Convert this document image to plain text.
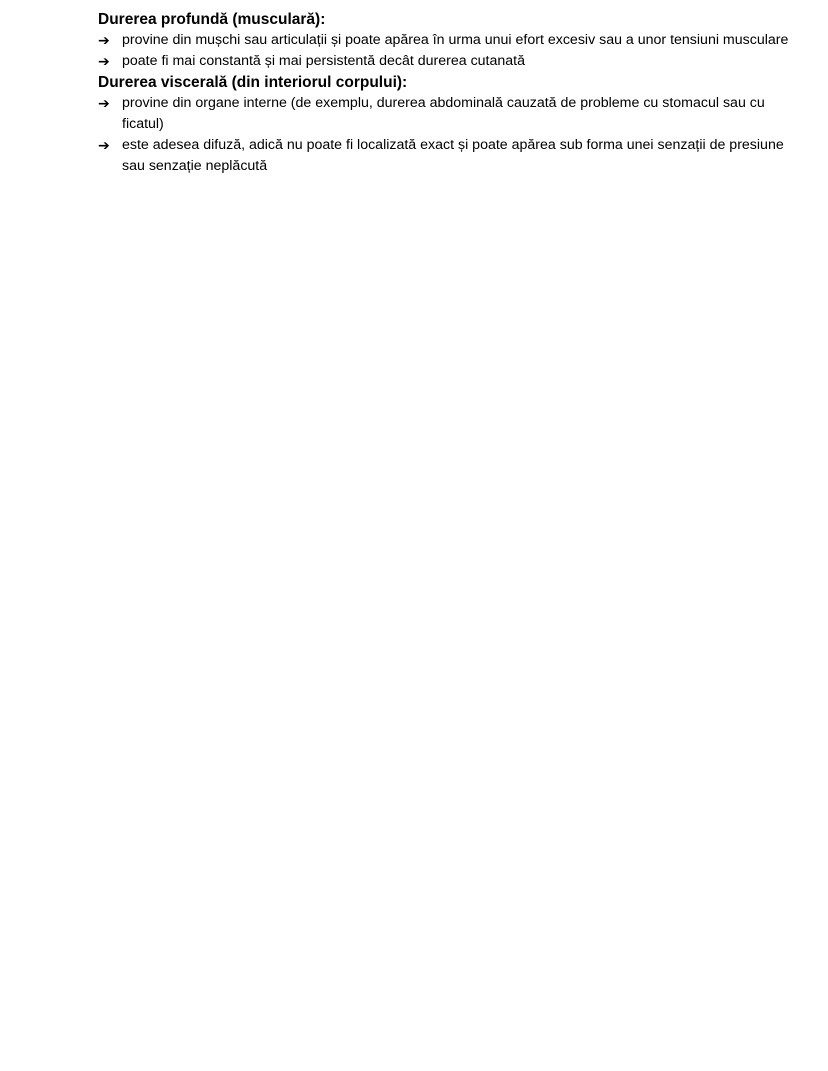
Durerea profundă (musculară):

➔ provine din mușchi sau articulații și poate apărea în urma unui efort excesiv sau a unor tensiuni musculare
➔ poate fi mai constantă și mai persistentă decât durerea cutanată

Durerea viscerală (din interiorul corpului):

➔ provine din organe interne (de exemplu, durerea abdominală cauzată de probleme cu stomacul sau cu ficatul)
➔ este adesea difuză, adică nu poate fi localizată exact și poate apărea sub forma unei senzații de presiune sau senzație neplăcută
